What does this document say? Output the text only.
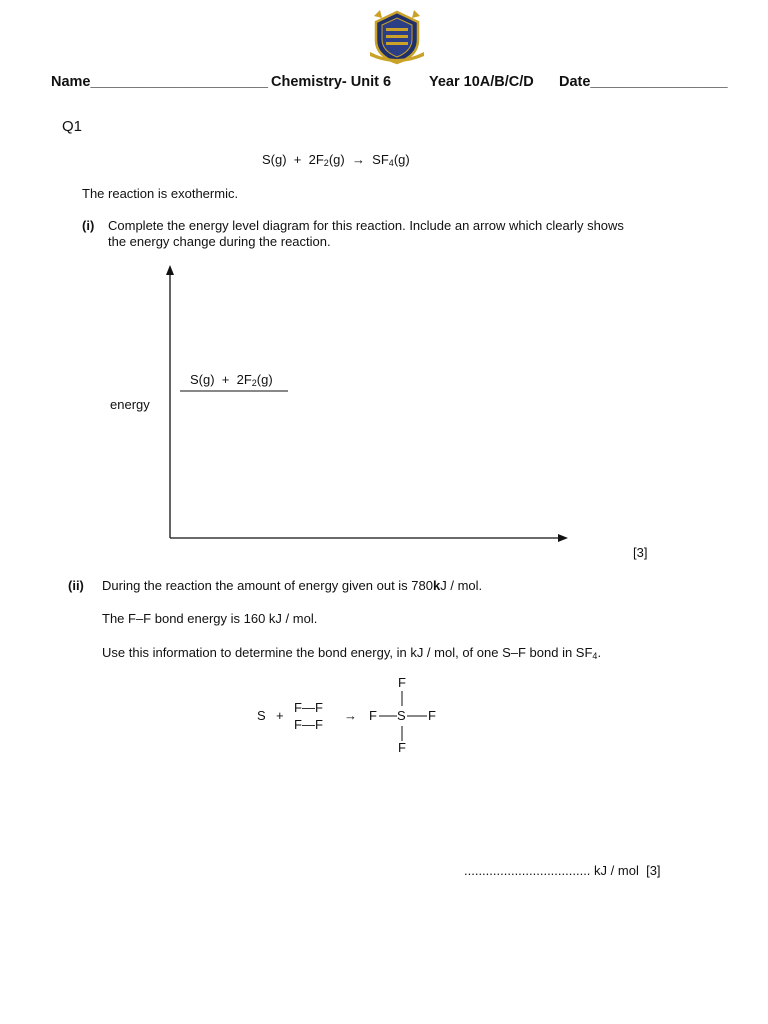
Name______________________ Chemistry- Unit 6	Year 10A/B/C/D Date_________________
Q1
$S(g) + 2F_2(g) \to SF_4(g)$
The reaction is exothermic.
(i) Complete the energy level diagram for this reaction. Include an arrow which clearly shows
the energy change during the reaction.
energy
$S(g) + 2F_2(g)$
[3]
(ii) During the reaction the amount of energy given out is 780kJ / mol.
The F–F bond energy is 160 kJ / mol.
Use this information to determine the bond energy, in kJ / mol, of one S–F bond in $SF_4$.
S +
F—F
F—F
→
F
F S F
F
................................... kJ / mol [3]
